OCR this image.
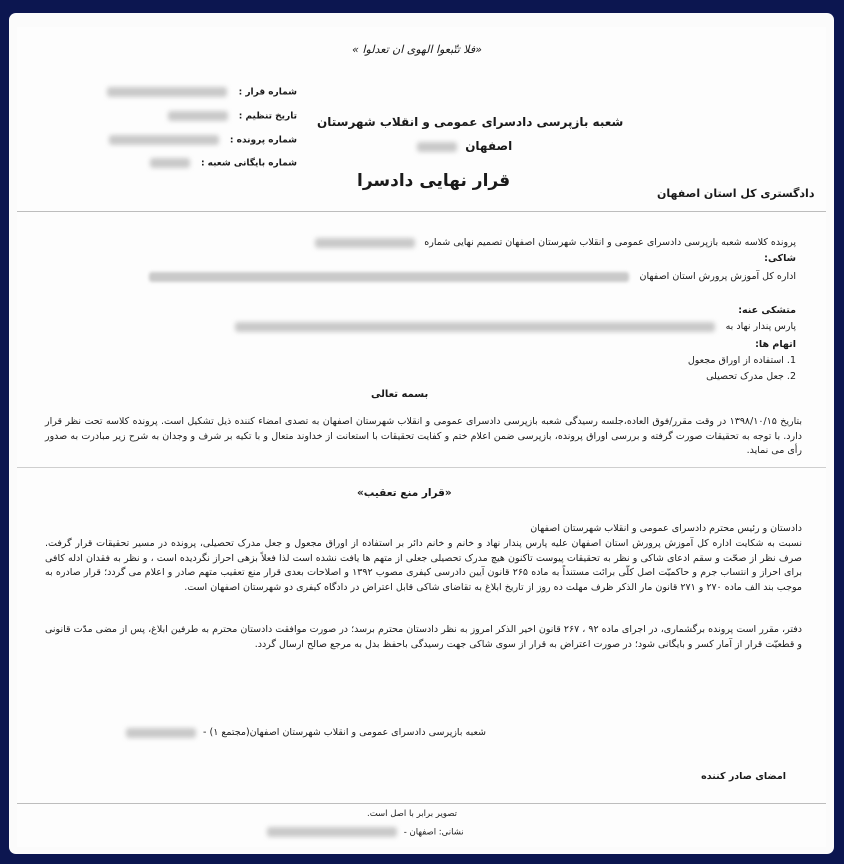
«فلا تتّبعوا الهوی ان تعدلوا »
شماره قرار :
تاریخ تنظیم :
شماره پرونده :
شماره بایگانی شعبه :
شعبه بازپرسی دادسرای عمومی و انقلاب شهرستان
اصفهان
قرار نهایی دادسرا
دادگستری کل استان اصفهان
پرونده کلاسه شعبه بازپرسی دادسرای عمومی و انقلاب شهرستان اصفهان تصمیم نهایی شماره
شاکی:
اداره کل آموزش پرورش استان اصفهان
متشکی عنه:
پارس پندار نهاد به
اتهام ها:
1. استفاده از اوراق مجعول
2. جعل مدرک تحصیلی
بسمه تعالی
بتاریخ ۱۳۹۸/۱۰/۱۵ در وقت مقرر/فوق العاده،جلسه رسیدگی شعبه بازپرسی دادسرای عمومی و انقلاب شهرستان اصفهان به تصدی امضاء کننده ذیل تشکیل است. پرونده کلاسه تحت نظر قرار دارد. با توجه به تحقیقات صورت گرفته و بررسی اوراق پرونده، بازپرسی ضمن اعلام ختم و کفایت تحقیقات با استعانت از خداوند متعال و با تکیه بر شرف و وجدان به شرح زیر مبادرت به صدور رأی می نماید.
«قرار منع تعقیب»
دادستان و رئیس محترم دادسرای عمومی و انقلاب شهرستان اصفهان
نسبت به شکایت اداره کل آموزش پرورش استان اصفهان علیه پارس پندار نهاد و خانم و خانم دائر بر استفاده از اوراق مجعول و جعل مدرک تحصیلی، پرونده در مسیر تحقیقات قرار گرفت. صرف نظر از صحّت و سقم ادعای شاکی و نظر به تحقیقات پیوست تاکنون هیچ مدرک تحصیلی جعلی از متهم ها یافت نشده است لذا فعلاً بزهی احراز نگردیده است ، و نظر به فقدان ادله کافی برای احراز و انتساب جرم و حاکمیّت اصل کلّی برائت مستنداً به ماده ۲۶۵ قانون آیین دادرسی کیفری مصوب ۱۳۹۲ و اصلاحات بعدی قرار منع تعقیب متهم صادر و اعلام می گردد؛ قرار صادره به موجب بند الف ماده ۲۷۰ و ۲۷۱ قانون مار الذکر ظرف مهلت ده روز از تاریخ ابلاغ به تقاضای شاکی قابل اعتراض در دادگاه کیفری دو شهرستان اصفهان است.
دفتر، مقرر است پرونده برگشماری، در اجرای ماده ۹۲ ، ۲۶۷ قانون اخیر الذکر امروز به نظر دادستان محترم برسد؛ در صورت موافقت دادستان محترم به طرفین ابلاغ، پس از مضی مدّت قانونی و قطعیّت قرار از آمار کسر و بایگانی شود؛ در صورت اعتراض به قرار از سوی شاکی جهت رسیدگی باحفظ بدل به مرجع صالح ارسال گردد.
شعبه بازپرسی دادسرای عمومی و انقلاب شهرستان اصفهان(مجتمع ۱) -
امضای صادر کننده
تصویر برابر با اصل است.
نشانی: اصفهان -
